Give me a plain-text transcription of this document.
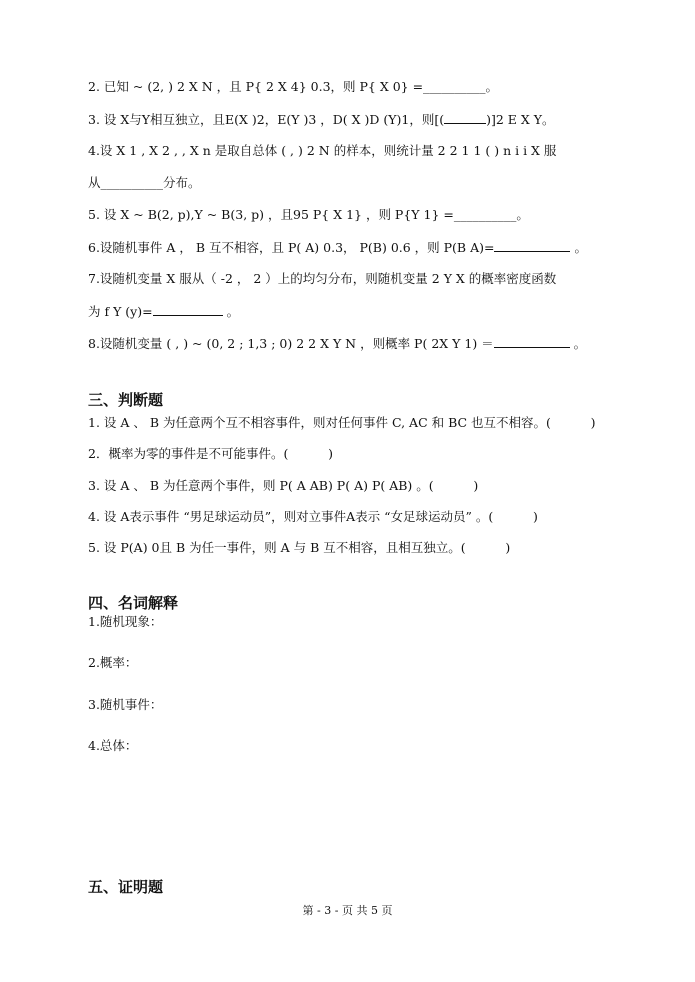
2. 已知 ~ (2, ) 2 X N ，且 P{ 2 X 4} 0.3，则 P{ X 0} =__________。
3. 设 X与Y相互独立，且E(X )2，E(Y )3 ，D( X )D (Y)1，则[(	)]2 E X Y。
4.设 X 1 , X 2 , , X n 是取自总体 ( , ) 2 N 的样本，则统计量 2 2 1 1 ( ) n i i X 服
从__________分布。
5. 设 X ~ B(2, p),Y ~ B(3, p) ，且95 P{ X 1} ，则 P{Y 1} =__________。
6.设随机事件 A ， B 互不相容，且 P( A) 0.3， P(B) 0.6 ，则 P(B A)=	。
7.设随机变量 X 服从（ -2 ， 2 ）上的均匀分布，则随机变量 2 Y X 的概率密度函数
为 f Y (y)=	。
8.设随机变量 ( , ) ~ (0, 2 ; 1,3 ; 0) 2 2 X Y N ，则概率 P( 2X Y 1) ＝	。
三、判断题
1. 设 A 、 B 为任意两个互不相容事件，则对任何事件 C, AC 和 BC 也互不相容。(          )
2．概率为零的事件是不可能事件。(          )
3. 设 A 、 B 为任意两个事件，则 P( A AB) P( A) P( AB) 。(          )
4. 设 A表示事件 “男足球运动员”，则对立事件A表示 “女足球运动员” 。(          )
5. 设 P(A) 0且 B 为任一事件，则 A 与 B 互不相容，且相互独立。(          )
四、名词解释
1.随机现象：
2.概率：
3.随机事件：
4.总体：
五、证明题
第 - 3 - 页 共 5 页
